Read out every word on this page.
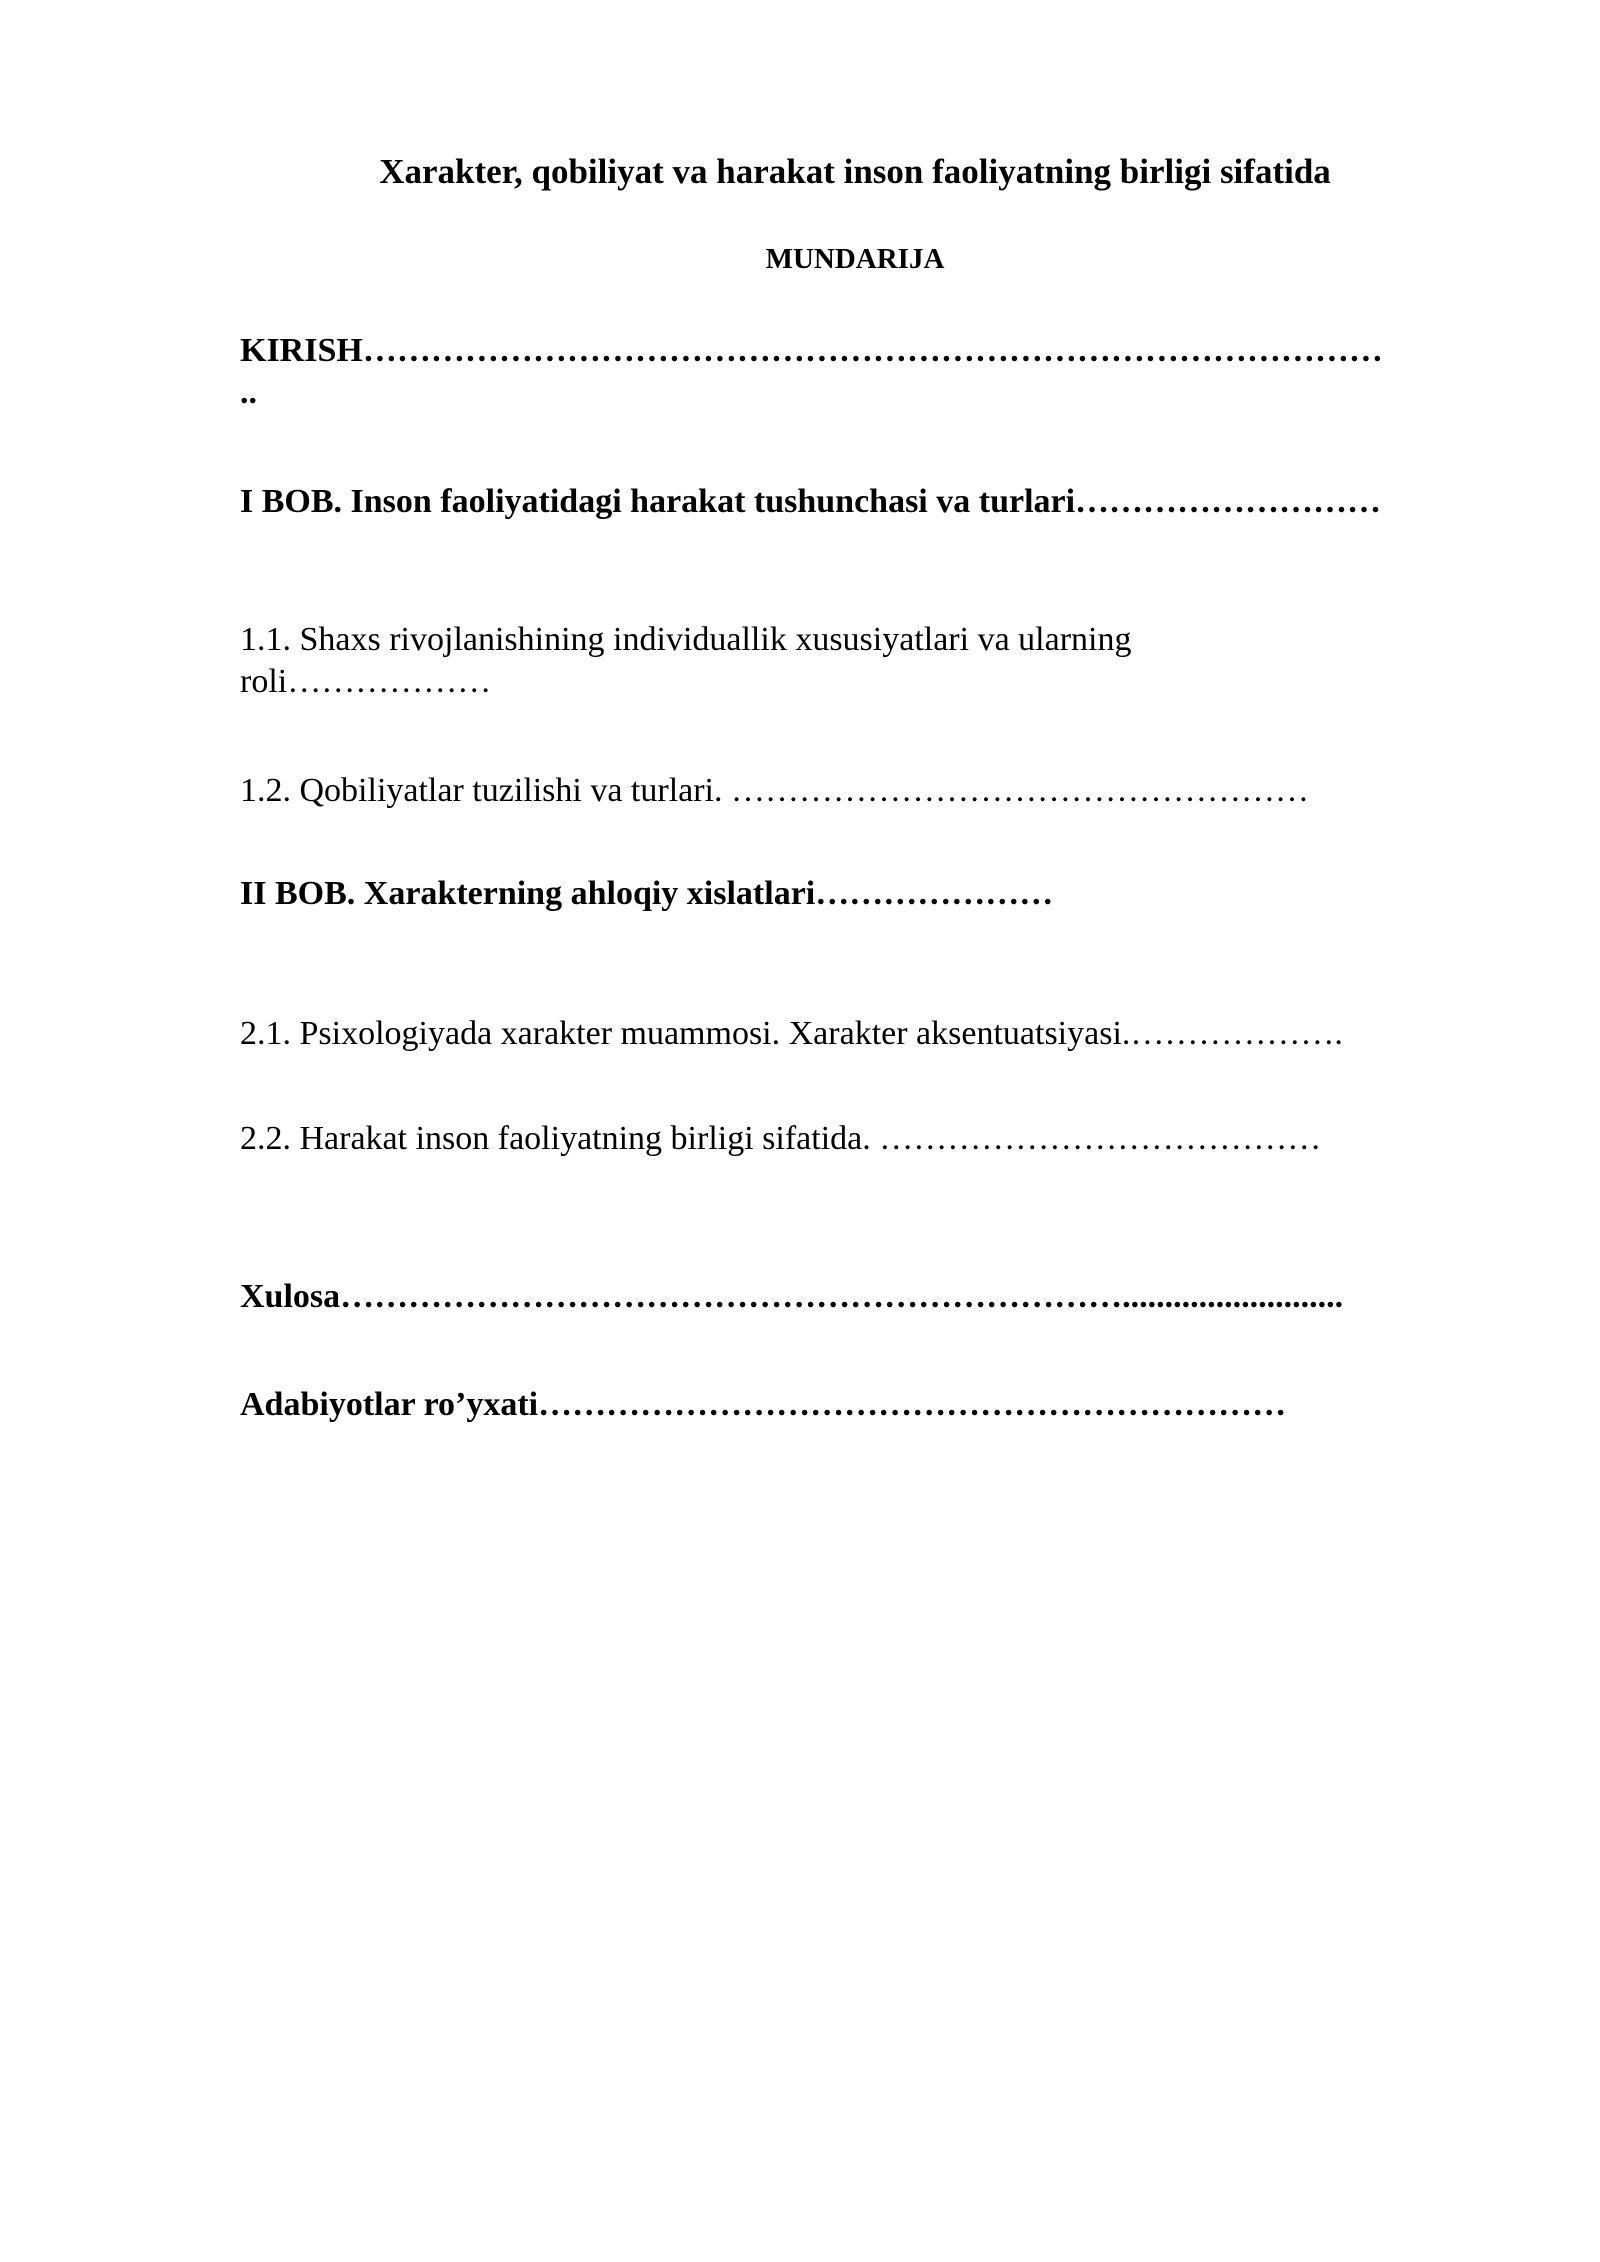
Xarakter, qobiliyat va harakat inson faoliyatning birligi sifatida
MUNDARIJA
KIRISH………………………………………………………………………………
..
I BOB. Inson faoliyatidagi harakat tushunchasi va turlari………………………
1.1. Shaxs rivojlanishining individuallik xususiyatlari va ularning
roli………………
1.2. Qobiliyatlar tuzilishi va turlari. ……………………………………………
II BOB. Xarakterning ahloqiy xislatlari…………………
2.1. Psixologiyada xarakter muammosi. Xarakter aksentuatsiyasi.……………….
2.2. Harakat inson faoliyatning birligi sifatida. …………………………………
Xulosa……………………………………………………………..........................
Adabiyotlar ro’yxati…………………………………………………………
